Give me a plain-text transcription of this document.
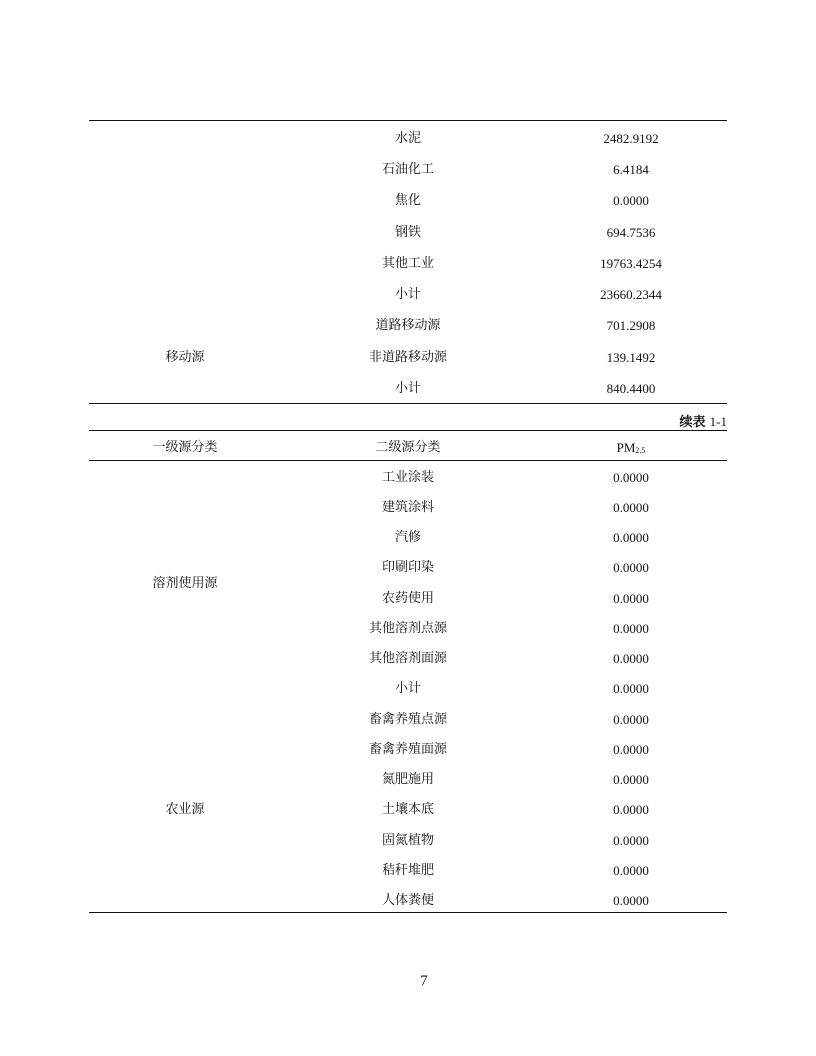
水泥	2482.9192
石油化工	6.4184
焦化	0.0000
钢铁	694.7536
其他工业	19763.4254
小计	23660.2344
道路移动源	701.2908
移动源	非道路移动源	139.1492
小计	840.4400
续表 1-1
一级源分类	二级源分类	$PM_{2.5}$
工业涂装	0.0000
建筑涂料	0.0000
汽修	0.0000
印刷印染	0.0000
溶剂使用源
农药使用	0.0000
其他溶剂点源	0.0000
其他溶剂面源	0.0000
小计	0.0000
畜禽养殖点源	0.0000
畜禽养殖面源	0.0000
氮肥施用	0.0000
农业源	土壤本底	0.0000
固氮植物	0.0000
秸秆堆肥	0.0000
人体粪便	0.0000
7
